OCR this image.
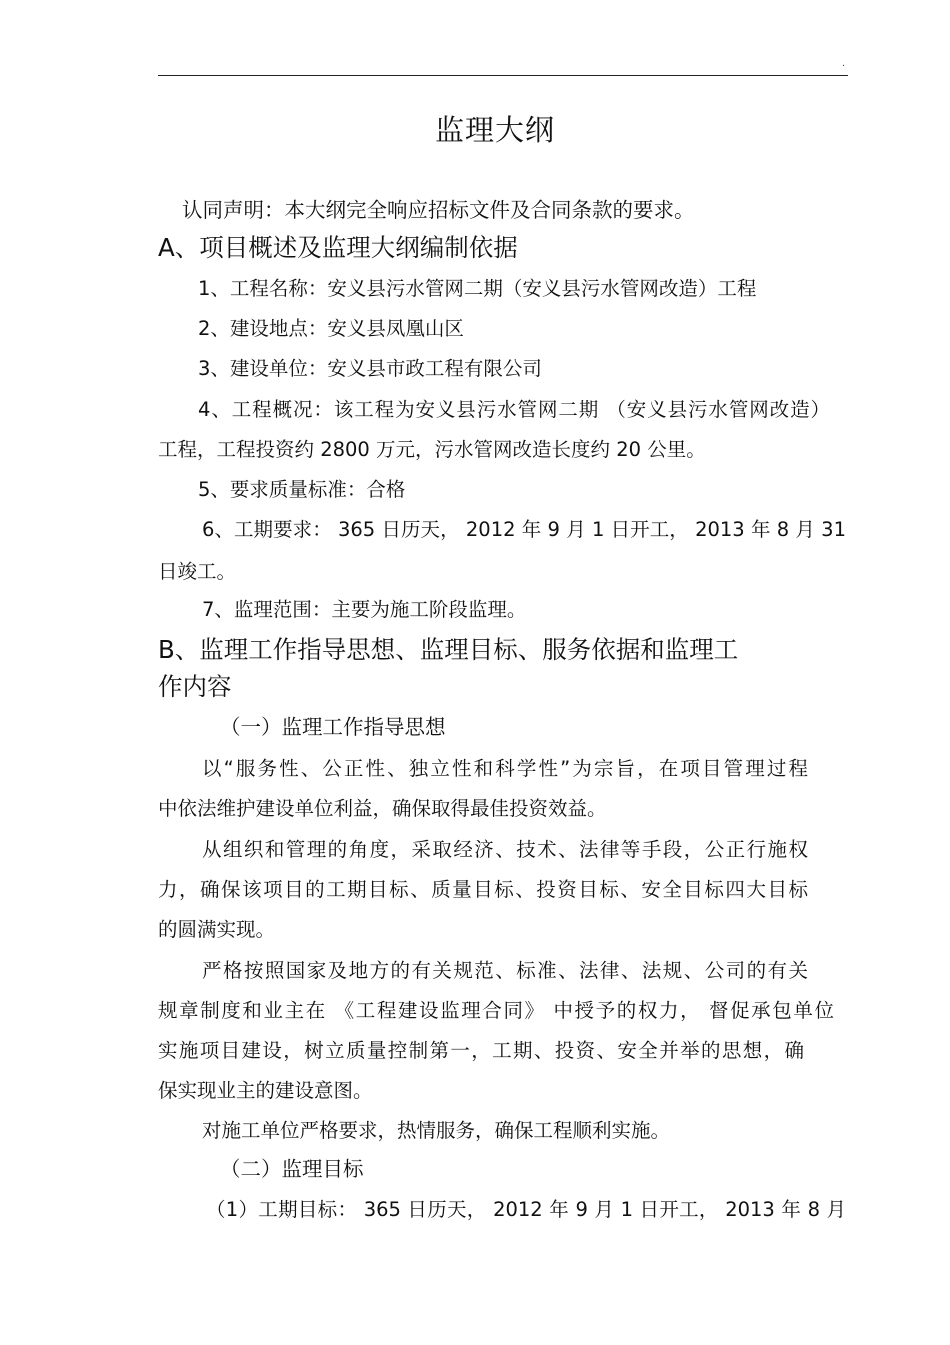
.
监理大纲
认同声明：本大纲完全响应招标文件及合同条款的要求。
A、项目概述及监理大纲编制依据
1、工程名称：安义县污水管网二期（安义县污水管网改造）工程
2、建设地点：安义县凤凰山区
3、建设单位：安义县市政工程有限公司
4、工程概况：该工程为安义县污水管网二期 （安义县污水管网改造）
工程，工程投资约 2800 万元，污水管网改造长度约 20 公里。
5、要求质量标准：合格
6、工期要求： 365 日历天， 2012 年 9 月 1 日开工， 2013 年 8 月 31
日竣工。
7、监理范围：主要为施工阶段监理。
B、监理工作指导思想、监理目标、服务依据和监理工
作内容
（一）监理工作指导思想
以“服务性、公正性、独立性和科学性”为宗旨，在项目管理过程
中依法维护建设单位利益，确保取得最佳投资效益。
从组织和管理的角度，采取经济、技术、法律等手段，公正行施权
力，确保该项目的工期目标、质量目标、投资目标、安全目标四大目标
的圆满实现。
严格按照国家及地方的有关规范、标准、法律、法规、公司的有关
规章制度和业主在 《工程建设监理合同》 中授予的权力， 督促承包单位
实施项目建设，树立质量控制第一，工期、投资、安全并举的思想，确
保实现业主的建设意图。
对施工单位严格要求，热情服务，确保工程顺利实施。
（二）监理目标
（1）工期目标： 365 日历天， 2012 年 9 月 1 日开工， 2013 年 8 月
